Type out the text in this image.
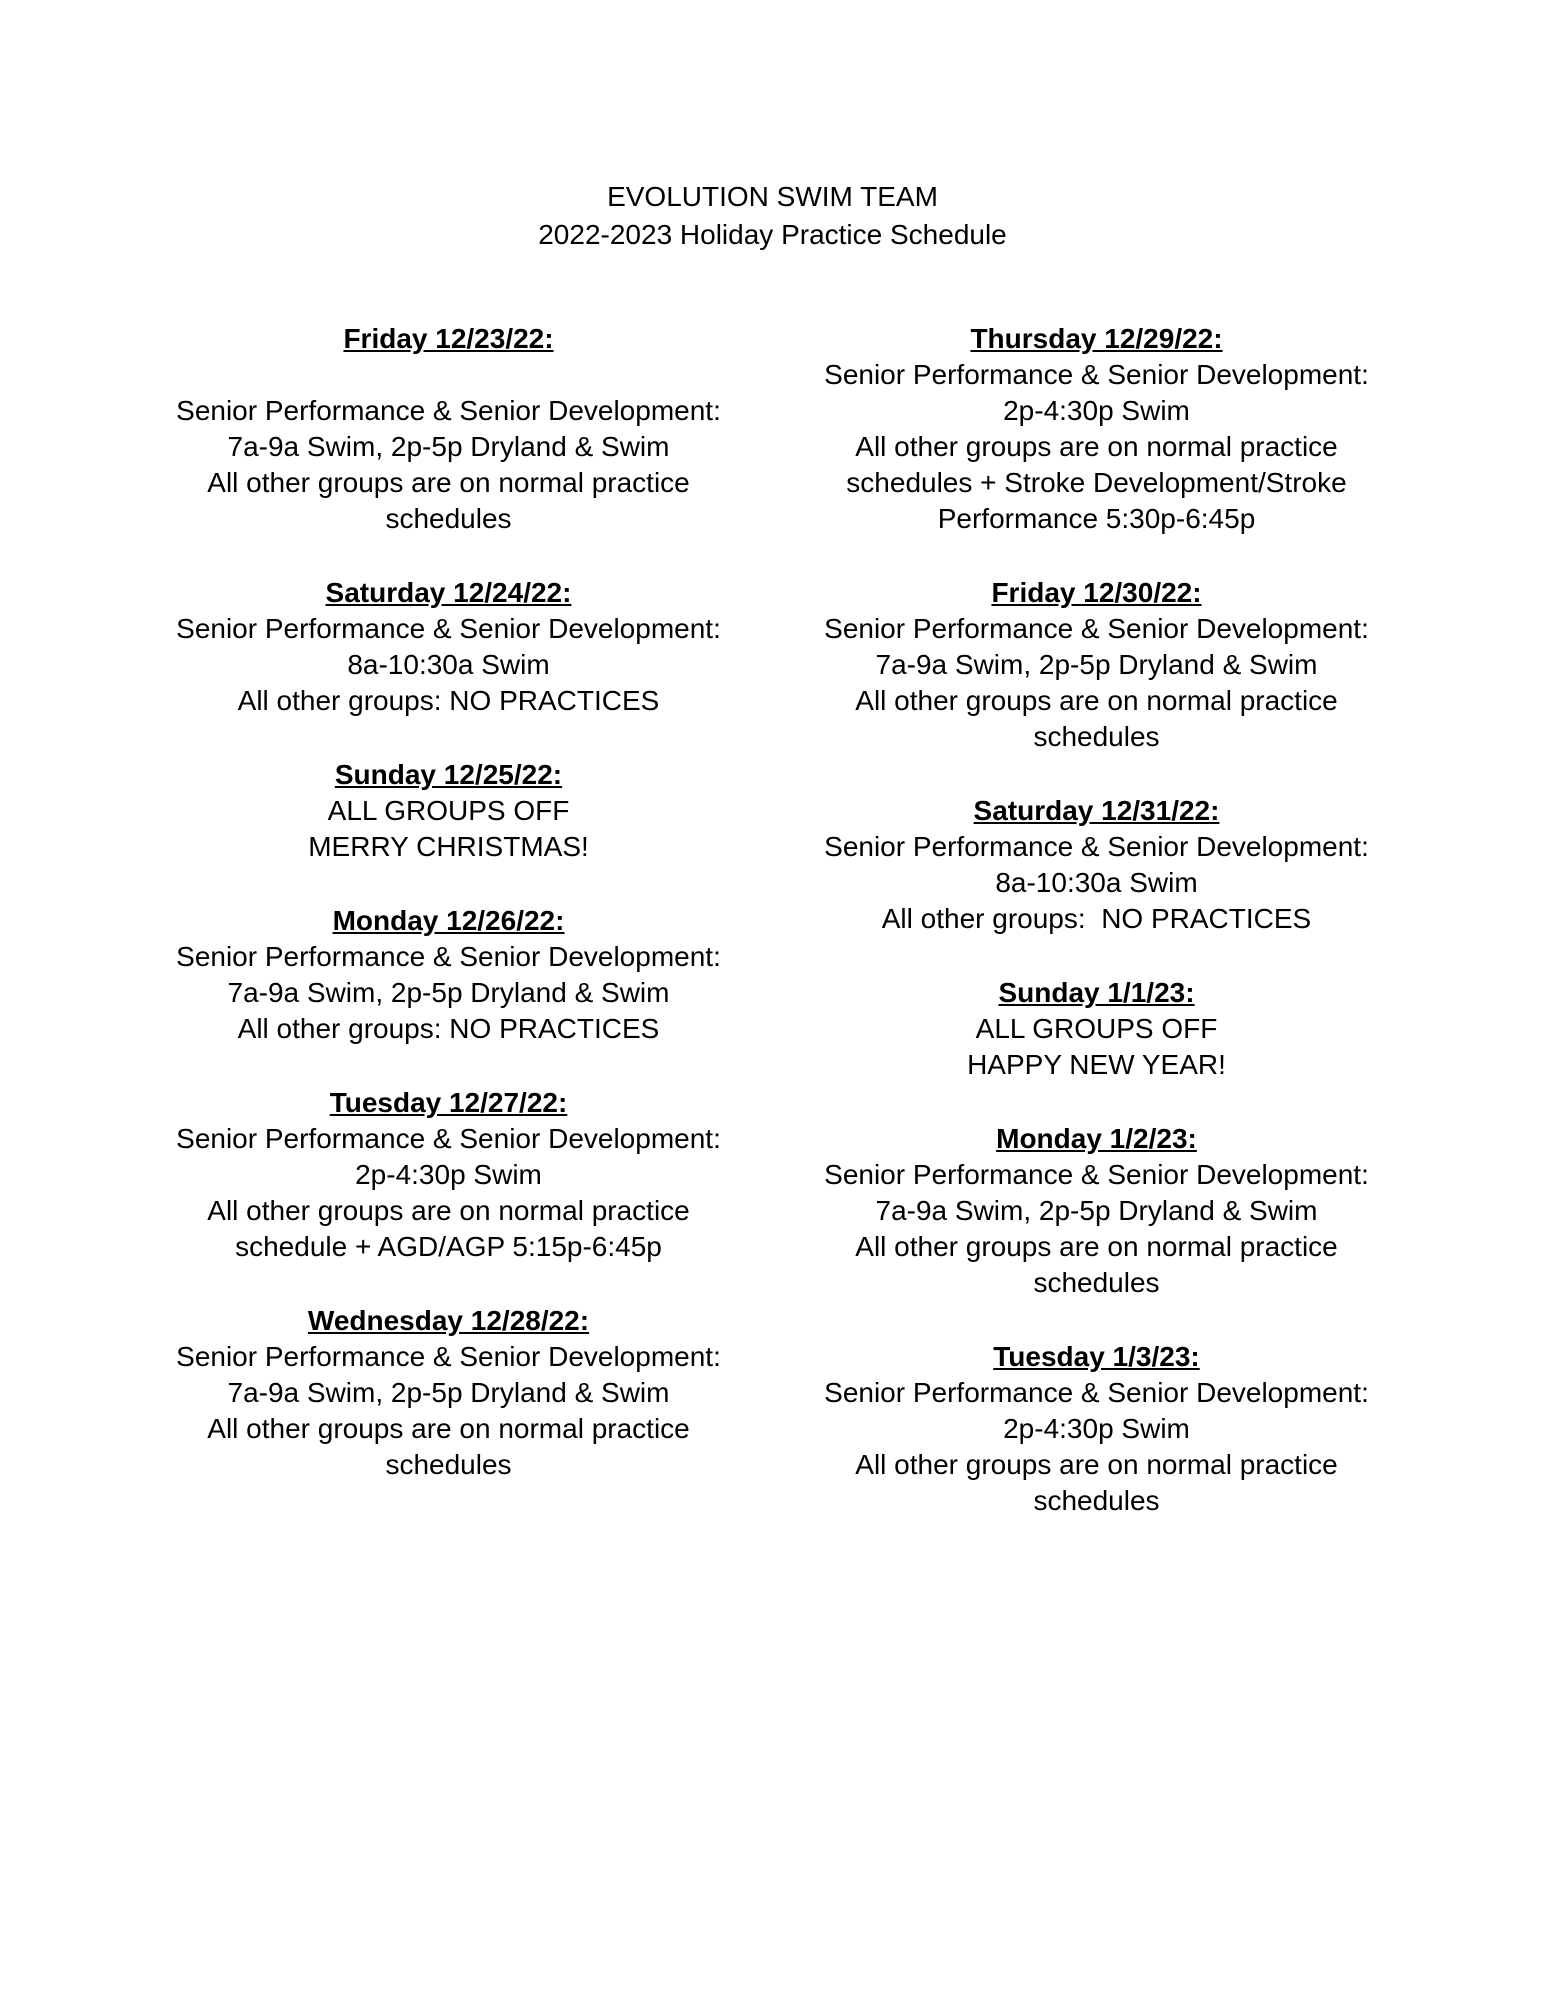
EVOLUTION SWIM TEAM
2022-2023 Holiday Practice Schedule
Friday 12/23/22:

Senior Performance & Senior Development:
7a-9a Swim, 2p-5p Dryland & Swim
All other groups are on normal practice
schedules
Saturday 12/24/22:
Senior Performance & Senior Development:
8a-10:30a Swim
All other groups: NO PRACTICES
Sunday 12/25/22:
ALL GROUPS OFF
MERRY CHRISTMAS!
Monday 12/26/22:
Senior Performance & Senior Development:
7a-9a Swim, 2p-5p Dryland & Swim
All other groups: NO PRACTICES
Tuesday 12/27/22:
Senior Performance & Senior Development:
2p-4:30p Swim
All other groups are on normal practice
schedule + AGD/AGP 5:15p-6:45p
Wednesday 12/28/22:
Senior Performance & Senior Development:
7a-9a Swim, 2p-5p Dryland & Swim
All other groups are on normal practice
schedules
Thursday 12/29/22:
Senior Performance & Senior Development:
2p-4:30p Swim
All other groups are on normal practice
schedules + Stroke Development/Stroke
Performance 5:30p-6:45p
Friday 12/30/22:
Senior Performance & Senior Development:
7a-9a Swim, 2p-5p Dryland & Swim
All other groups are on normal practice
schedules
Saturday 12/31/22:
Senior Performance & Senior Development:
8a-10:30a Swim
All other groups:  NO PRACTICES
Sunday 1/1/23:
ALL GROUPS OFF
HAPPY NEW YEAR!
Monday 1/2/23:
Senior Performance & Senior Development:
7a-9a Swim, 2p-5p Dryland & Swim
All other groups are on normal practice
schedules
Tuesday 1/3/23:
Senior Performance & Senior Development:
2p-4:30p Swim
All other groups are on normal practice
schedules
